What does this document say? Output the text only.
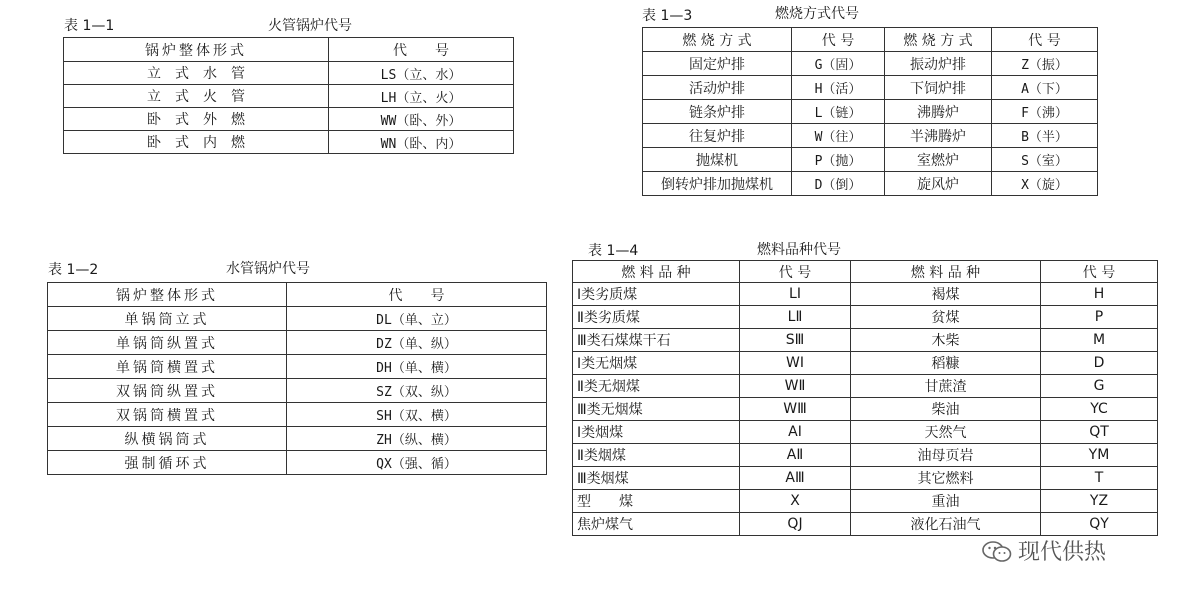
表 1—1	火管锅炉代号
锅炉整体形式	代　　号
立　式　水　管	LS（立、水）
立　式　火　管	LH（立、火）
卧　式　外　燃	WW（卧、外）
卧　式　内　燃	WN（卧、内）
表 1—3	燃烧方式代号
燃 烧 方 式	代 号	燃 烧 方 式	代 号
固定炉排	G（固）	振动炉排	Z（振）
活动炉排	H（活）	下饲炉排	A（下）
链条炉排	L（链）	沸腾炉	F（沸）
往复炉排	W（往）	半沸腾炉	B（半）
抛煤机	P（抛）	室燃炉	S（室）
倒转炉排加抛煤机	D（倒）	旋风炉	X（旋）
表 1—2	水管锅炉代号
锅炉整体形式	代　　号
单锅筒立式	DL（单、立）
单锅筒纵置式	DZ（单、纵）
单锅筒横置式	DH（单、横）
双锅筒纵置式	SZ（双、纵）
双锅筒横置式	SH（双、横）
纵横锅筒式	ZH（纵、横）
强制循环式	QX（强、循）
表 1—4	燃料品种代号
燃 料 品 种	代 号	燃 料 品 种	代 号
Ⅰ类劣质煤	LⅠ	褐煤	H
Ⅱ类劣质煤	LⅡ	贫煤	P
Ⅲ类石煤煤干石	SⅢ	木柴	M
Ⅰ类无烟煤	WⅠ	稻糠	D
Ⅱ类无烟煤	WⅡ	甘蔗渣	G
Ⅲ类无烟煤	WⅢ	柴油	YC
Ⅰ类烟煤	AⅠ	天然气	QT
Ⅱ类烟煤	AⅡ	油母页岩	YM
Ⅲ类烟煤	AⅢ	其它燃料	T
型　　煤	X	重油	YZ
焦炉煤气	QJ	液化石油气	QY
现代供热
